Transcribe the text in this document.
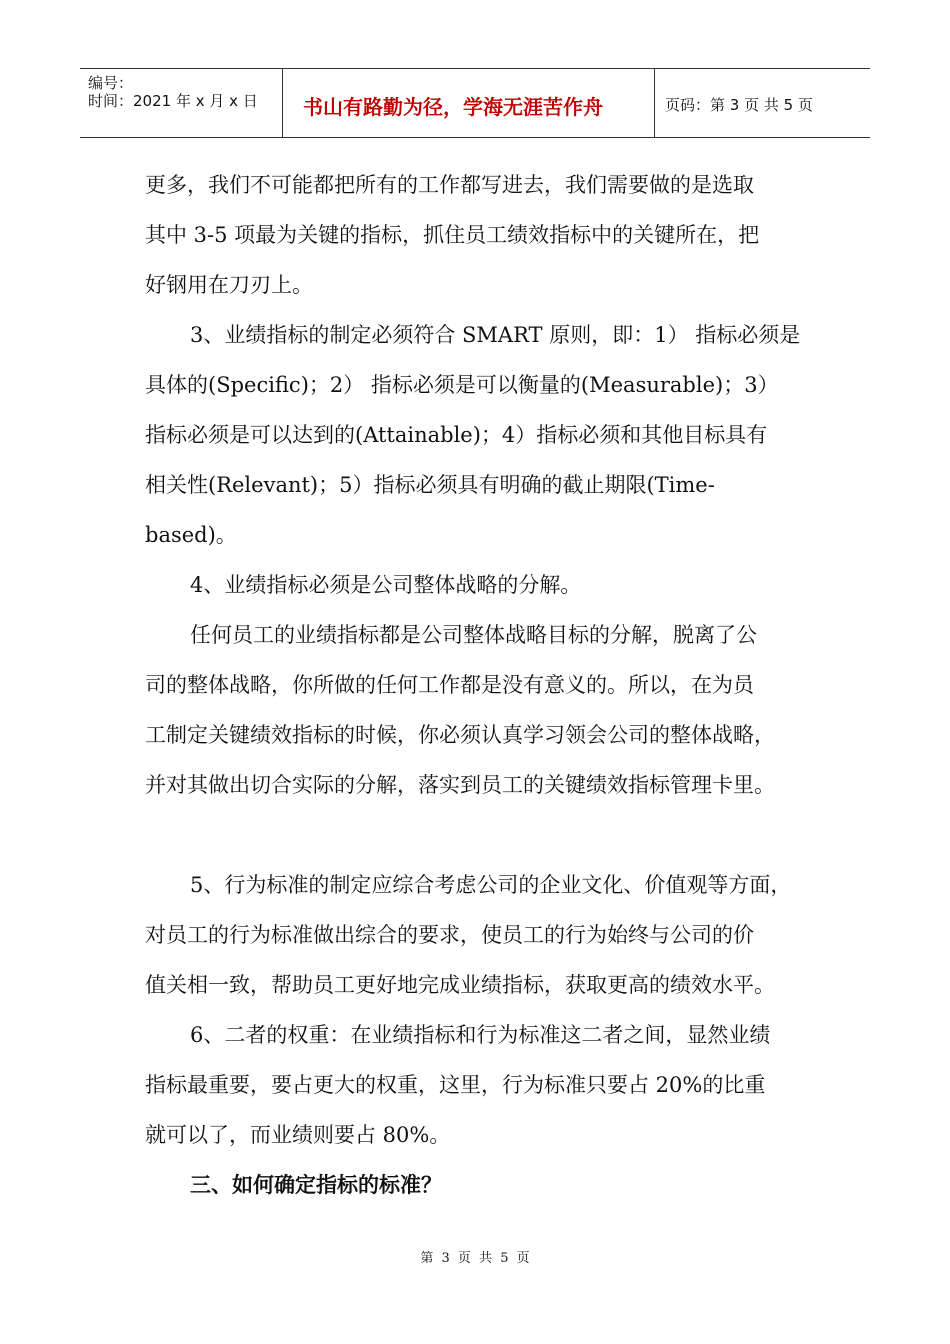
编号：
时间：2021 年 x 月 x 日 书山有路勤为径，学海无涯苦作舟	页码：第 3 页 共 5 页
更多，我们不可能都把所有的工作都写进去，我们需要做的是选取
其中 3-5 项最为关键的指标，抓住员工绩效指标中的关键所在，把
好钢用在刀刃上。
3、业绩指标的制定必须符合 SMART 原则，即：1） 指标必须是
具体的(Specific)；2） 指标必须是可以衡量的(Measurable)；3）
指标必须是可以达到的(Attainable)；4）指标必须和其他目标具有
相关性(Relevant)；5）指标必须具有明确的截止期限(Time-
based)。
4、业绩指标必须是公司整体战略的分解。
任何员工的业绩指标都是公司整体战略目标的分解，脱离了公
司的整体战略，你所做的任何工作都是没有意义的。所以，在为员
工制定关键绩效指标的时候，你必须认真学习领会公司的整体战略，
并对其做出切合实际的分解，落实到员工的关键绩效指标管理卡里。
5、行为标准的制定应综合考虑公司的企业文化、价值观等方面，
对员工的行为标准做出综合的要求，使员工的行为始终与公司的价
值关相一致，帮助员工更好地完成业绩指标，获取更高的绩效水平。
6、二者的权重：在业绩指标和行为标准这二者之间，显然业绩
指标最重要，要占更大的权重，这里，行为标准只要占 20%的比重
就可以了，而业绩则要占 80%。
三、如何确定指标的标准？
第 3 页 共 5 页
